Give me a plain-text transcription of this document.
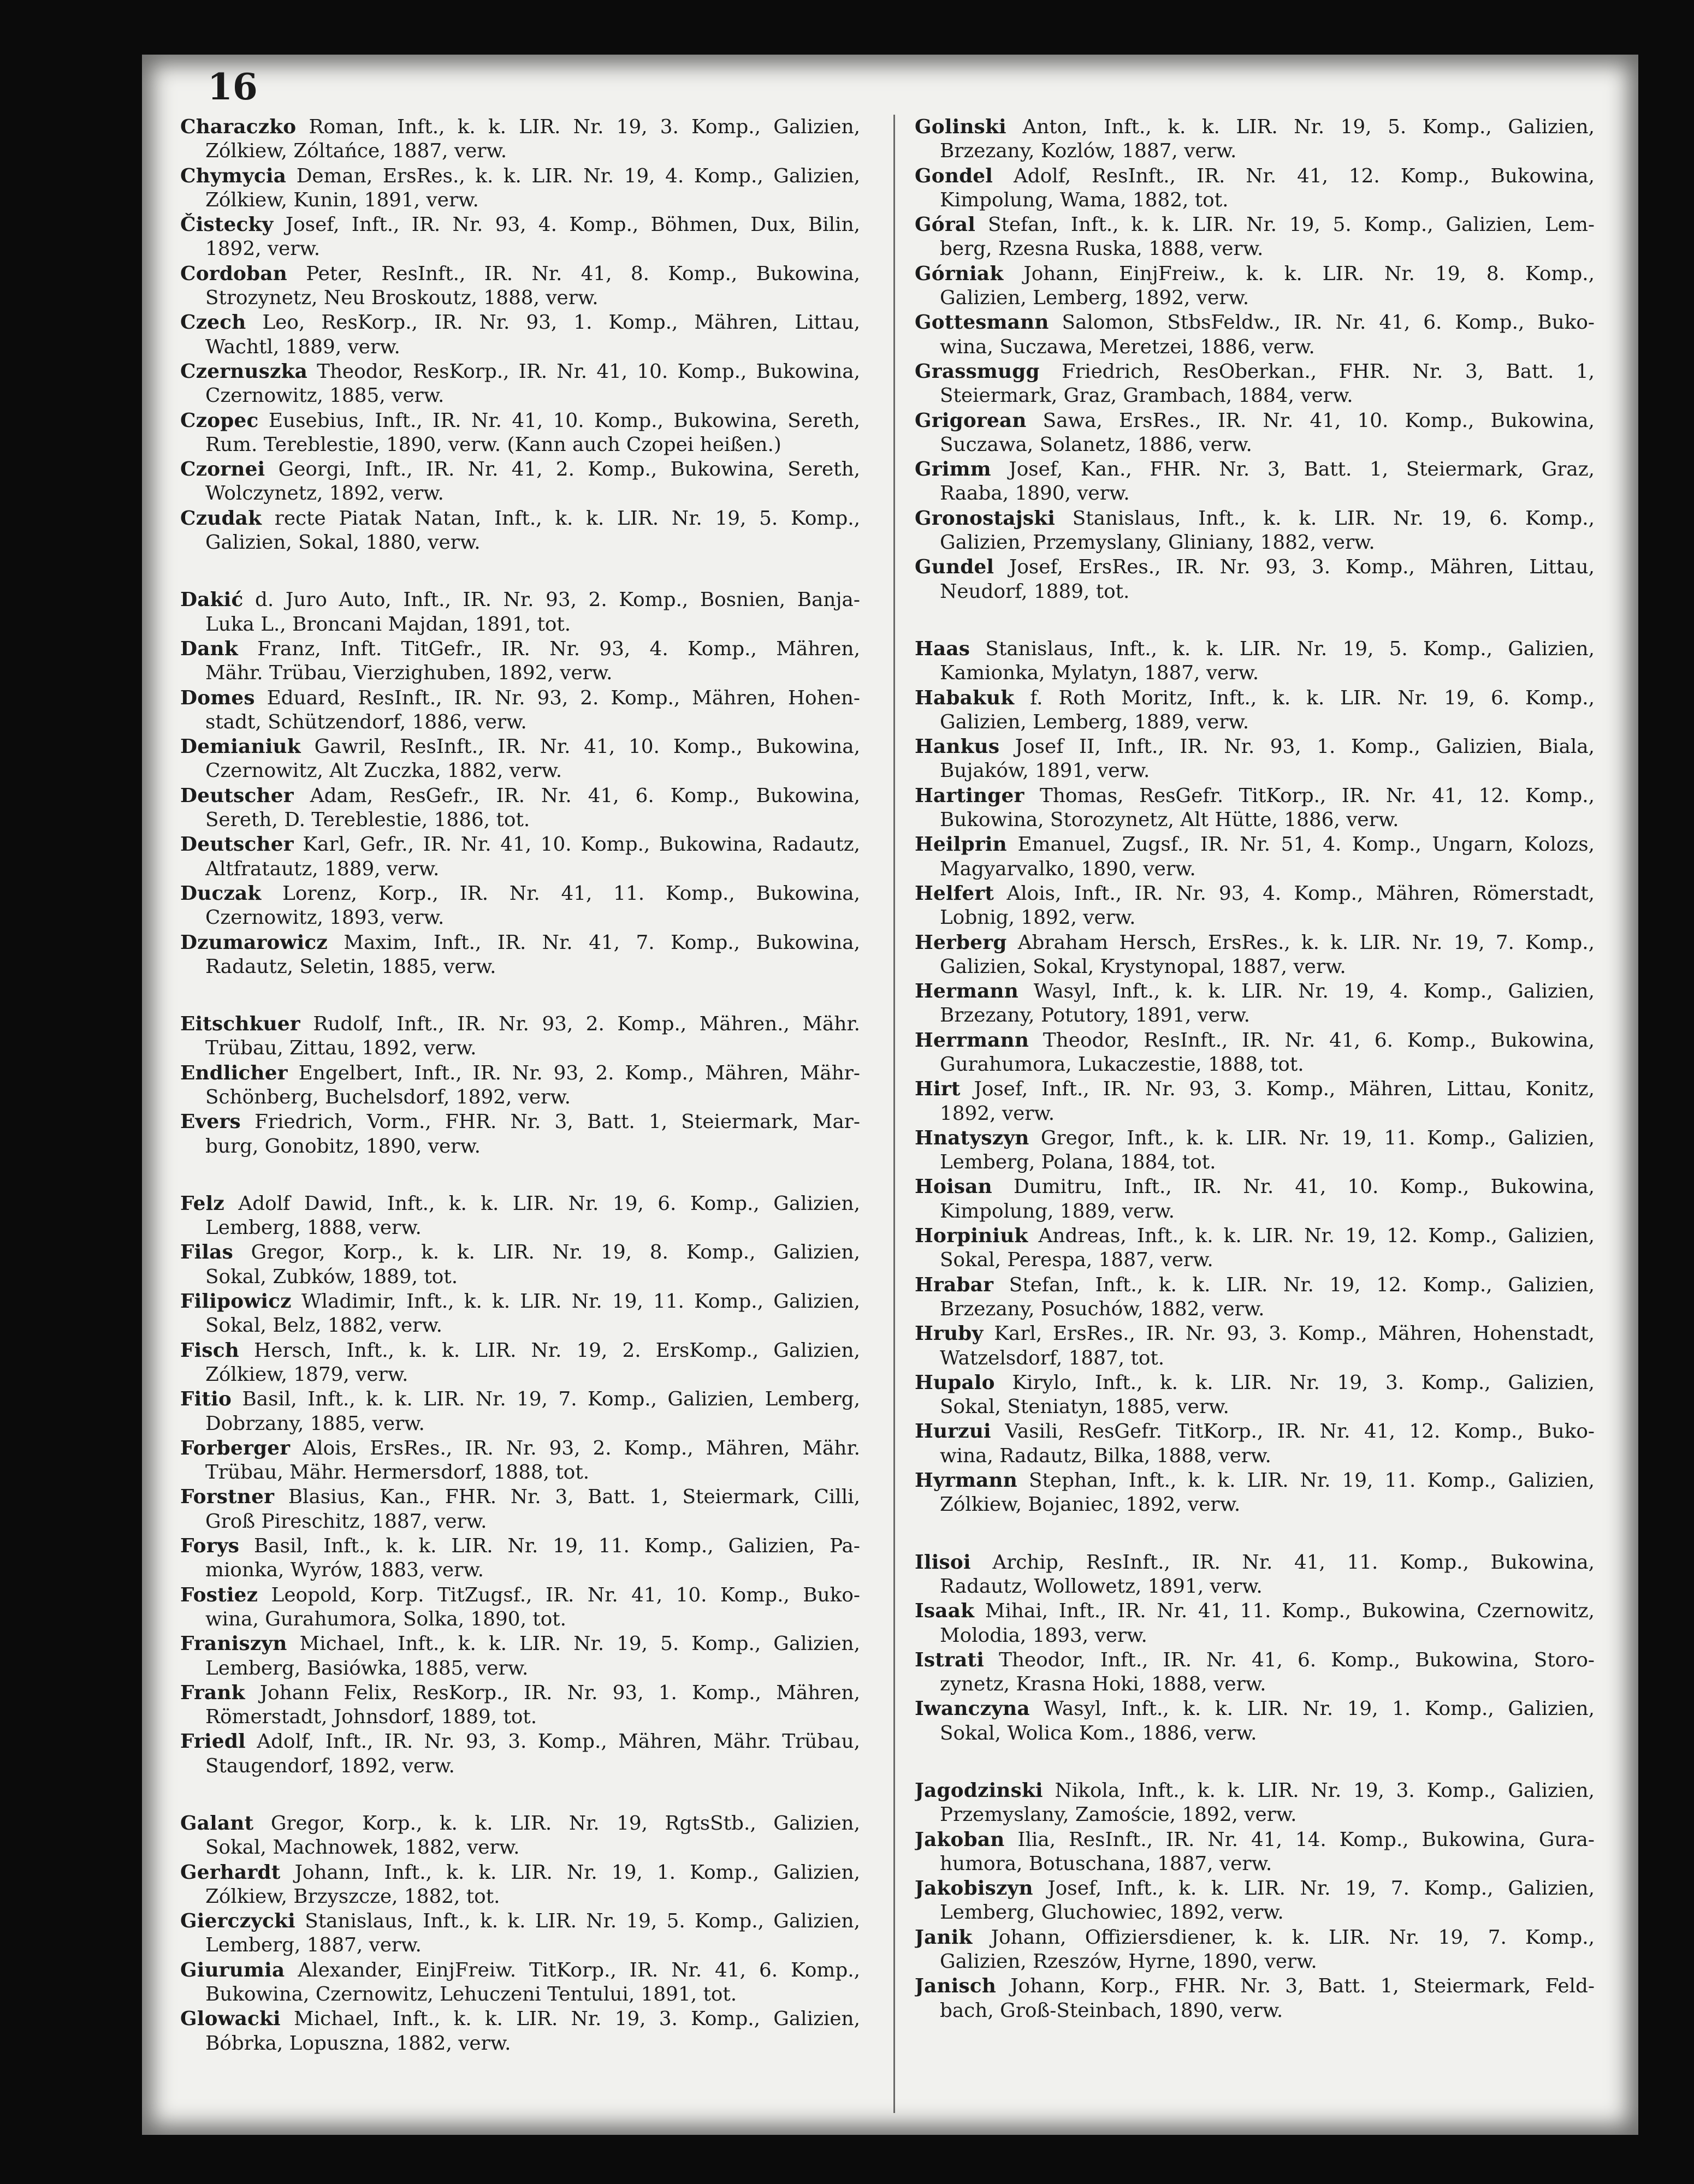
16
Characzko Roman, Inft., k. k. LIR. Nr. 19, 3. Komp., Galizien,
Zólkiew, Zóltańce, 1887, verw.
Chymycia Deman, ErsRes., k. k. LIR. Nr. 19, 4. Komp., Galizien,
Zólkiew, Kunin, 1891, verw.
Čistecky Josef, Inft., IR. Nr. 93, 4. Komp., Böhmen, Dux, Bilin,
1892, verw.
Cordoban Peter, ResInft., IR. Nr. 41, 8. Komp., Bukowina,
Strozynetz, Neu Broskoutz, 1888, verw.
Czech Leo, ResKorp., IR. Nr. 93, 1. Komp., Mähren, Littau,
Wachtl, 1889, verw.
Czernuszka Theodor, ResKorp., IR. Nr. 41, 10. Komp., Bukowina,
Czernowitz, 1885, verw.
Czopec Eusebius, Inft., IR. Nr. 41, 10. Komp., Bukowina, Sereth,
Rum. Tereblestie, 1890, verw. (Kann auch Czopei heißen.)
Czornei Georgi, Inft., IR. Nr. 41, 2. Komp., Bukowina, Sereth,
Wolczynetz, 1892, verw.
Czudak recte Piatak Natan, Inft., k. k. LIR. Nr. 19, 5. Komp.,
Galizien, Sokal, 1880, verw.
Dakić d. Juro Auto, Inft., IR. Nr. 93, 2. Komp., Bosnien, Banja-
Luka L., Broncani Majdan, 1891, tot.
Dank Franz, Inft. TitGefr., IR. Nr. 93, 4. Komp., Mähren,
Mähr. Trübau, Vierzighuben, 1892, verw.
Domes Eduard, ResInft., IR. Nr. 93, 2. Komp., Mähren, Hohen-
stadt, Schützendorf, 1886, verw.
Demianiuk Gawril, ResInft., IR. Nr. 41, 10. Komp., Bukowina,
Czernowitz, Alt Zuczka, 1882, verw.
Deutscher Adam, ResGefr., IR. Nr. 41, 6. Komp., Bukowina,
Sereth, D. Tereblestie, 1886, tot.
Deutscher Karl, Gefr., IR. Nr. 41, 10. Komp., Bukowina, Radautz,
Altfratautz, 1889, verw.
Duczak Lorenz, Korp., IR. Nr. 41, 11. Komp., Bukowina,
Czernowitz, 1893, verw.
Dzumarowicz Maxim, Inft., IR. Nr. 41, 7. Komp., Bukowina,
Radautz, Seletin, 1885, verw.
Eitschkuer Rudolf, Inft., IR. Nr. 93, 2. Komp., Mähren., Mähr.
Trübau, Zittau, 1892, verw.
Endlicher Engelbert, Inft., IR. Nr. 93, 2. Komp., Mähren, Mähr-
Schönberg, Buchelsdorf, 1892, verw.
Evers Friedrich, Vorm., FHR. Nr. 3, Batt. 1, Steiermark, Mar-
burg, Gonobitz, 1890, verw.
Felz Adolf Dawid, Inft., k. k. LIR. Nr. 19, 6. Komp., Galizien,
Lemberg, 1888, verw.
Filas Gregor, Korp., k. k. LIR. Nr. 19, 8. Komp., Galizien,
Sokal, Zubków, 1889, tot.
Filipowicz Wladimir, Inft., k. k. LIR. Nr. 19, 11. Komp., Galizien,
Sokal, Belz, 1882, verw.
Fisch Hersch, Inft., k. k. LIR. Nr. 19, 2. ErsKomp., Galizien,
Zólkiew, 1879, verw.
Fitio Basil, Inft., k. k. LIR. Nr. 19, 7. Komp., Galizien, Lemberg,
Dobrzany, 1885, verw.
Forberger Alois, ErsRes., IR. Nr. 93, 2. Komp., Mähren, Mähr.
Trübau, Mähr. Hermersdorf, 1888, tot.
Forstner Blasius, Kan., FHR. Nr. 3, Batt. 1, Steiermark, Cilli,
Groß Pireschitz, 1887, verw.
Forys Basil, Inft., k. k. LIR. Nr. 19, 11. Komp., Galizien, Pa-
mionka, Wyrów, 1883, verw.
Fostiez Leopold, Korp. TitZugsf., IR. Nr. 41, 10. Komp., Buko-
wina, Gurahumora, Solka, 1890, tot.
Franiszyn Michael, Inft., k. k. LIR. Nr. 19, 5. Komp., Galizien,
Lemberg, Basiówka, 1885, verw.
Frank Johann Felix, ResKorp., IR. Nr. 93, 1. Komp., Mähren,
Römerstadt, Johnsdorf, 1889, tot.
Friedl Adolf, Inft., IR. Nr. 93, 3. Komp., Mähren, Mähr. Trübau,
Staugendorf, 1892, verw.
Galant Gregor, Korp., k. k. LIR. Nr. 19, RgtsStb., Galizien,
Sokal, Machnowek, 1882, verw.
Gerhardt Johann, Inft., k. k. LIR. Nr. 19, 1. Komp., Galizien,
Zólkiew, Brzyszcze, 1882, tot.
Gierczycki Stanislaus, Inft., k. k. LIR. Nr. 19, 5. Komp., Galizien,
Lemberg, 1887, verw.
Giurumia Alexander, EinjFreiw. TitKorp., IR. Nr. 41, 6. Komp.,
Bukowina, Czernowitz, Lehuczeni Tentului, 1891, tot.
Glowacki Michael, Inft., k. k. LIR. Nr. 19, 3. Komp., Galizien,
Bóbrka, Lopuszna, 1882, verw.
Golinski Anton, Inft., k. k. LIR. Nr. 19, 5. Komp., Galizien,
Brzezany, Kozlów, 1887, verw.
Gondel Adolf, ResInft., IR. Nr. 41, 12. Komp., Bukowina,
Kimpolung, Wama, 1882, tot.
Góral Stefan, Inft., k. k. LIR. Nr. 19, 5. Komp., Galizien, Lem-
berg, Rzesna Ruska, 1888, verw.
Górniak Johann, EinjFreiw., k. k. LIR. Nr. 19, 8. Komp.,
Galizien, Lemberg, 1892, verw.
Gottesmann Salomon, StbsFeldw., IR. Nr. 41, 6. Komp., Buko-
wina, Suczawa, Meretzei, 1886, verw.
Grassmugg Friedrich, ResOberkan., FHR. Nr. 3, Batt. 1,
Steiermark, Graz, Grambach, 1884, verw.
Grigorean Sawa, ErsRes., IR. Nr. 41, 10. Komp., Bukowina,
Suczawa, Solanetz, 1886, verw.
Grimm Josef, Kan., FHR. Nr. 3, Batt. 1, Steiermark, Graz,
Raaba, 1890, verw.
Gronostajski Stanislaus, Inft., k. k. LIR. Nr. 19, 6. Komp.,
Galizien, Przemyslany, Gliniany, 1882, verw.
Gundel Josef, ErsRes., IR. Nr. 93, 3. Komp., Mähren, Littau,
Neudorf, 1889, tot.
Haas Stanislaus, Inft., k. k. LIR. Nr. 19, 5. Komp., Galizien,
Kamionka, Mylatyn, 1887, verw.
Habakuk f. Roth Moritz, Inft., k. k. LIR. Nr. 19, 6. Komp.,
Galizien, Lemberg, 1889, verw.
Hankus Josef II, Inft., IR. Nr. 93, 1. Komp., Galizien, Biala,
Bujaków, 1891, verw.
Hartinger Thomas, ResGefr. TitKorp., IR. Nr. 41, 12. Komp.,
Bukowina, Storozynetz, Alt Hütte, 1886, verw.
Heilprin Emanuel, Zugsf., IR. Nr. 51, 4. Komp., Ungarn, Kolozs,
Magyarvalko, 1890, verw.
Helfert Alois, Inft., IR. Nr. 93, 4. Komp., Mähren, Römerstadt,
Lobnig, 1892, verw.
Herberg Abraham Hersch, ErsRes., k. k. LIR. Nr. 19, 7. Komp.,
Galizien, Sokal, Krystynopal, 1887, verw.
Hermann Wasyl, Inft., k. k. LIR. Nr. 19, 4. Komp., Galizien,
Brzezany, Potutory, 1891, verw.
Herrmann Theodor, ResInft., IR. Nr. 41, 6. Komp., Bukowina,
Gurahumora, Lukaczestie, 1888, tot.
Hirt Josef, Inft., IR. Nr. 93, 3. Komp., Mähren, Littau, Konitz,
1892, verw.
Hnatyszyn Gregor, Inft., k. k. LIR. Nr. 19, 11. Komp., Galizien,
Lemberg, Polana, 1884, tot.
Hoisan Dumitru, Inft., IR. Nr. 41, 10. Komp., Bukowina,
Kimpolung, 1889, verw.
Horpiniuk Andreas, Inft., k. k. LIR. Nr. 19, 12. Komp., Galizien,
Sokal, Perespa, 1887, verw.
Hrabar Stefan, Inft., k. k. LIR. Nr. 19, 12. Komp., Galizien,
Brzezany, Posuchów, 1882, verw.
Hruby Karl, ErsRes., IR. Nr. 93, 3. Komp., Mähren, Hohenstadt,
Watzelsdorf, 1887, tot.
Hupalo Kirylo, Inft., k. k. LIR. Nr. 19, 3. Komp., Galizien,
Sokal, Steniatyn, 1885, verw.
Hurzui Vasili, ResGefr. TitKorp., IR. Nr. 41, 12. Komp., Buko-
wina, Radautz, Bilka, 1888, verw.
Hyrmann Stephan, Inft., k. k. LIR. Nr. 19, 11. Komp., Galizien,
Zólkiew, Bojaniec, 1892, verw.
Ilisoi Archip, ResInft., IR. Nr. 41, 11. Komp., Bukowina,
Radautz, Wollowetz, 1891, verw.
Isaak Mihai, Inft., IR. Nr. 41, 11. Komp., Bukowina, Czernowitz,
Molodia, 1893, verw.
Istrati Theodor, Inft., IR. Nr. 41, 6. Komp., Bukowina, Storo-
zynetz, Krasna Hoki, 1888, verw.
Iwanczyna Wasyl, Inft., k. k. LIR. Nr. 19, 1. Komp., Galizien,
Sokal, Wolica Kom., 1886, verw.
Jagodzinski Nikola, Inft., k. k. LIR. Nr. 19, 3. Komp., Galizien,
Przemyslany, Zamoście, 1892, verw.
Jakoban Ilia, ResInft., IR. Nr. 41, 14. Komp., Bukowina, Gura-
humora, Botuschana, 1887, verw.
Jakobiszyn Josef, Inft., k. k. LIR. Nr. 19, 7. Komp., Galizien,
Lemberg, Gluchowiec, 1892, verw.
Janik Johann, Offiziersdiener, k. k. LIR. Nr. 19, 7. Komp.,
Galizien, Rzeszów, Hyrne, 1890, verw.
Janisch Johann, Korp., FHR. Nr. 3, Batt. 1, Steiermark, Feld-
bach, Groß-Steinbach, 1890, verw.
